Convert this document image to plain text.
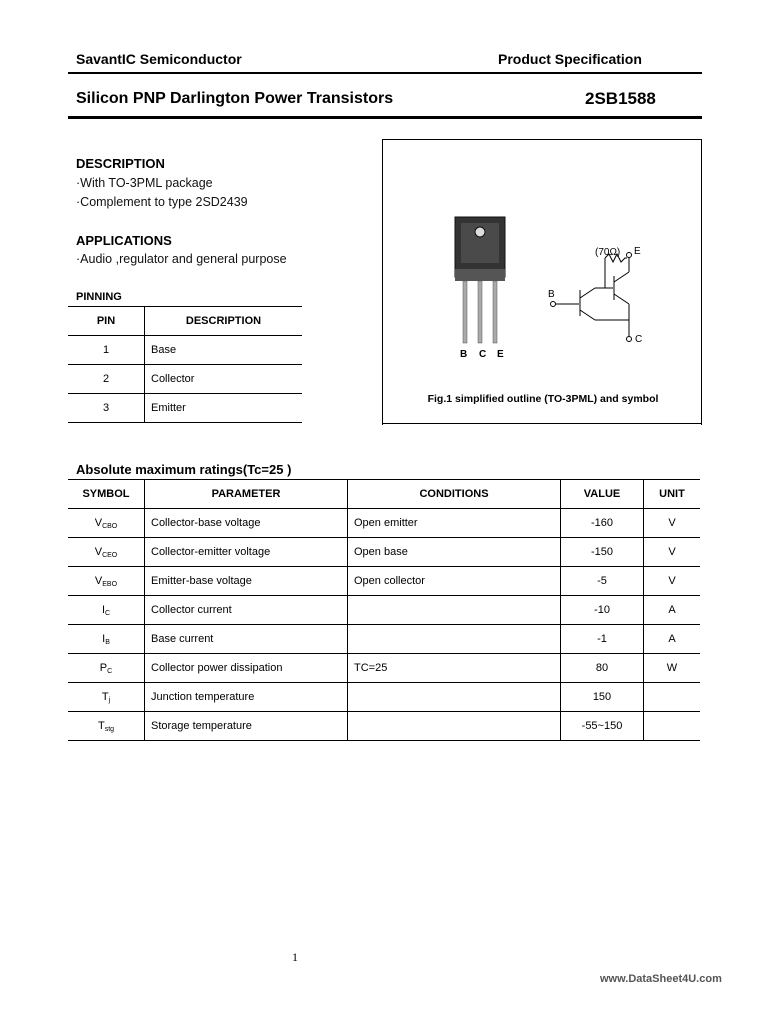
SavantIC Semiconductor	Product Specification
Silicon PNP Darlington Power Transistors	2SB1588
DESCRIPTION
·With TO-3PML package
·Complement to type 2SD2439
APPLICATIONS
·Audio ,regulator and general purpose
PINNING
PIN	DESCRIPTION
1	Base
2	Collector
3	Emitter
B C E
(70Ω) E
B
C
Fig.1 simplified outline (TO-3PML) and symbol
Absolute maximum ratings(Tc=25 )
SYMBOL	PARAMETER	CONDITIONS	VALUE	UNIT
$V_{CBO}$	Collector-base voltage	Open emitter	-160	V
$V_{CEO}$	Collector-emitter voltage	Open base	-150	V
$V_{EBO}$	Emitter-base voltage	Open collector	-5	V
$I_C$	Collector current		-10	A
$I_B$	Base current		-1	A
$P_C$	Collector power dissipation	TC=25	80	W
$T_j$	Junction temperature		150	
$T_{stg}$	Storage temperature		-55~150	
1
www.DataSheet4U.com
